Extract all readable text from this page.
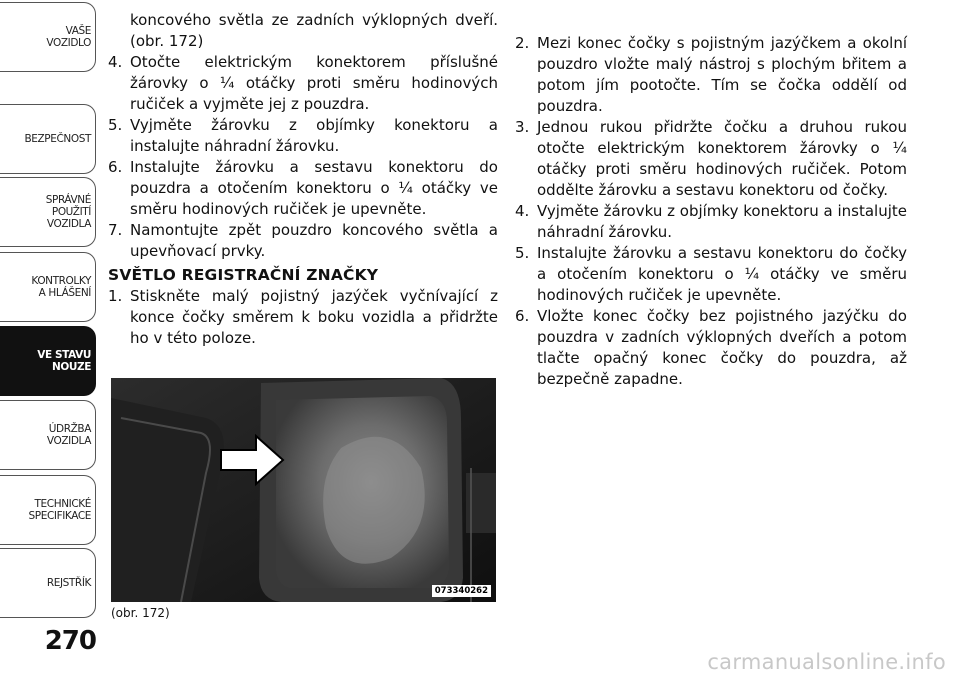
VAŠE
VOZIDLO
BEZPEČNOST
SPRÁVNÉ
POUŽITÍ
VOZIDLA
KONTROLKY
A HLÁŠENÍ
VE STAVU
NOUZE
ÚDRŽBA
VOZIDLA
TECHNICKÉ
SPECIFIKACE
REJSTŘÍK
270
koncového světla ze zadních výklopných dveří. (obr. 172)
4. Otočte elektrickým konektorem příslušné žárovky o ¼ otáčky proti směru hodinových ručiček a vyjměte jej z pouzdra.
5. Vyjměte žárovku z objímky konektoru a instalujte náhradní žárovku.
6. Instalujte žárovku a sestavu konektoru do pouzdra a otočením konektoru o ¼ otáčky ve směru hodinových ručiček je upevněte.
7. Namontujte zpět pouzdro koncového světla a upevňovací prvky.
SVĚTLO REGISTRAČNÍ ZNAČKY
1. Stiskněte malý pojistný jazýček vyčnívající z konce čočky směrem k boku vozidla a přidržte ho v této poloze.
2. Mezi konec čočky s pojistným jazýčkem a okolní pouzdro vložte malý nástroj s plochým břitem a potom jím pootočte. Tím se čočka oddělí od pouzdra.
3. Jednou rukou přidržte čočku a druhou rukou otočte elektrickým konektorem žárovky o ¼ otáčky proti směru hodinových ručiček. Potom oddělte žárovku a sestavu konektoru od čočky.
4. Vyjměte žárovku z objímky konektoru a instalujte náhradní žárovku.
5. Instalujte žárovku a sestavu konektoru do čočky a otočením konektoru o ¼ otáčky ve směru hodinových ručiček je upevněte.
6. Vložte konec čočky bez pojistného jazýčku do pouzdra v zadních výklopných dveřích a potom tlačte opačný konec čočky do pouzdra, až bezpečně zapadne.
073340262
(obr. 172)
carmanualsonline.info
